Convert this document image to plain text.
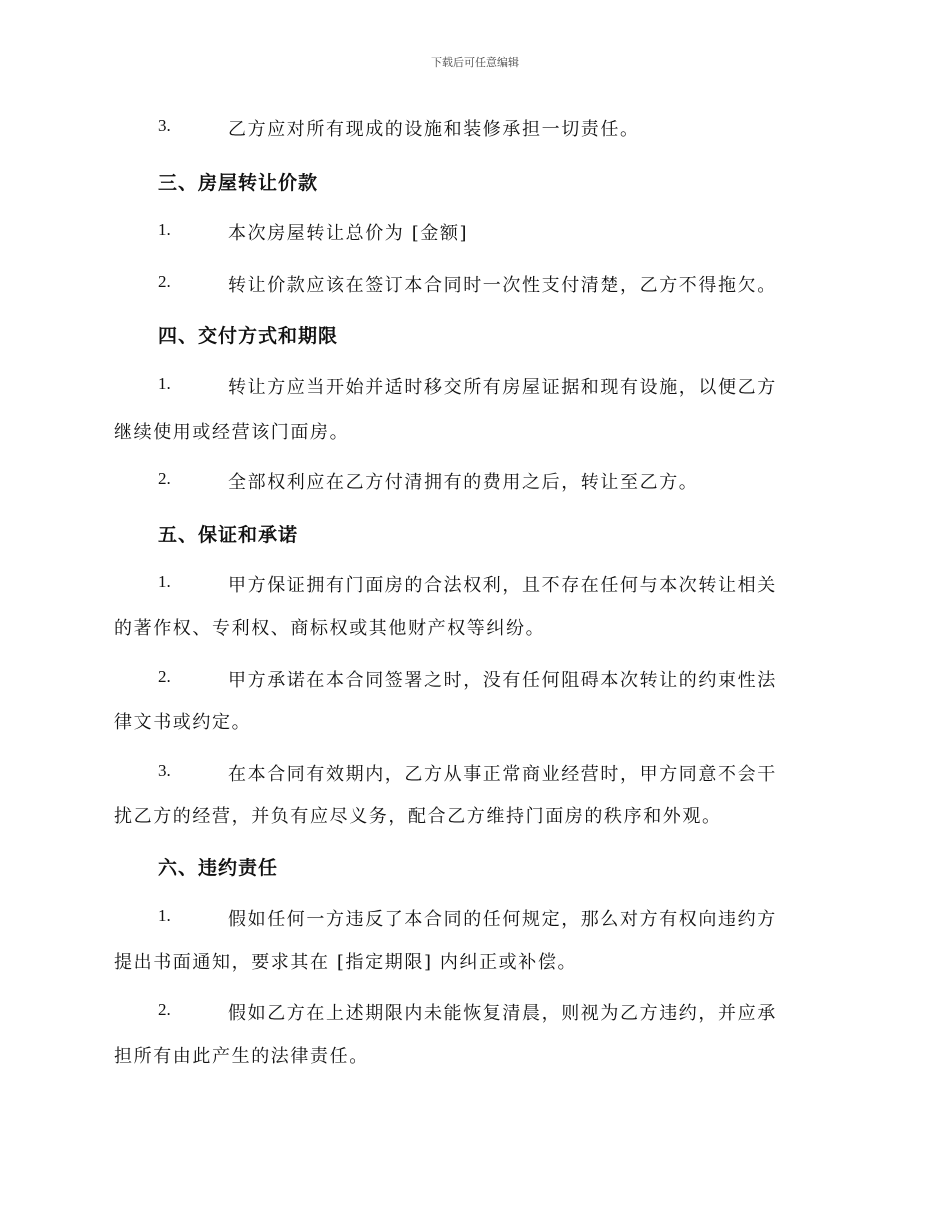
下载后可任意编辑
3.	乙方应对所有现成的设施和装修承担一切责任。
三、房屋转让价款
1.	本次房屋转让总价为 [金额]
2.	转让价款应该在签订本合同时一次性支付清楚，乙方不得拖欠。
四、交付方式和期限
1.	转让方应当开始并适时移交所有房屋证据和现有设施，以便乙方
继续使用或经营该门面房。
2.	全部权利应在乙方付清拥有的费用之后，转让至乙方。
五、保证和承诺
1.	甲方保证拥有门面房的合法权利，且不存在任何与本次转让相关
的著作权、专利权、商标权或其他财产权等纠纷。
2.	甲方承诺在本合同签署之时，没有任何阻碍本次转让的约束性法
律文书或约定。
3.	在本合同有效期内，乙方从事正常商业经营时，甲方同意不会干
扰乙方的经营，并负有应尽义务，配合乙方维持门面房的秩序和外观。
六、违约责任
1.	假如任何一方违反了本合同的任何规定，那么对方有权向违约方
提出书面通知，要求其在 [指定期限] 内纠正或补偿。
2.	假如乙方在上述期限内未能恢复清晨，则视为乙方违约，并应承
担所有由此产生的法律责任。
